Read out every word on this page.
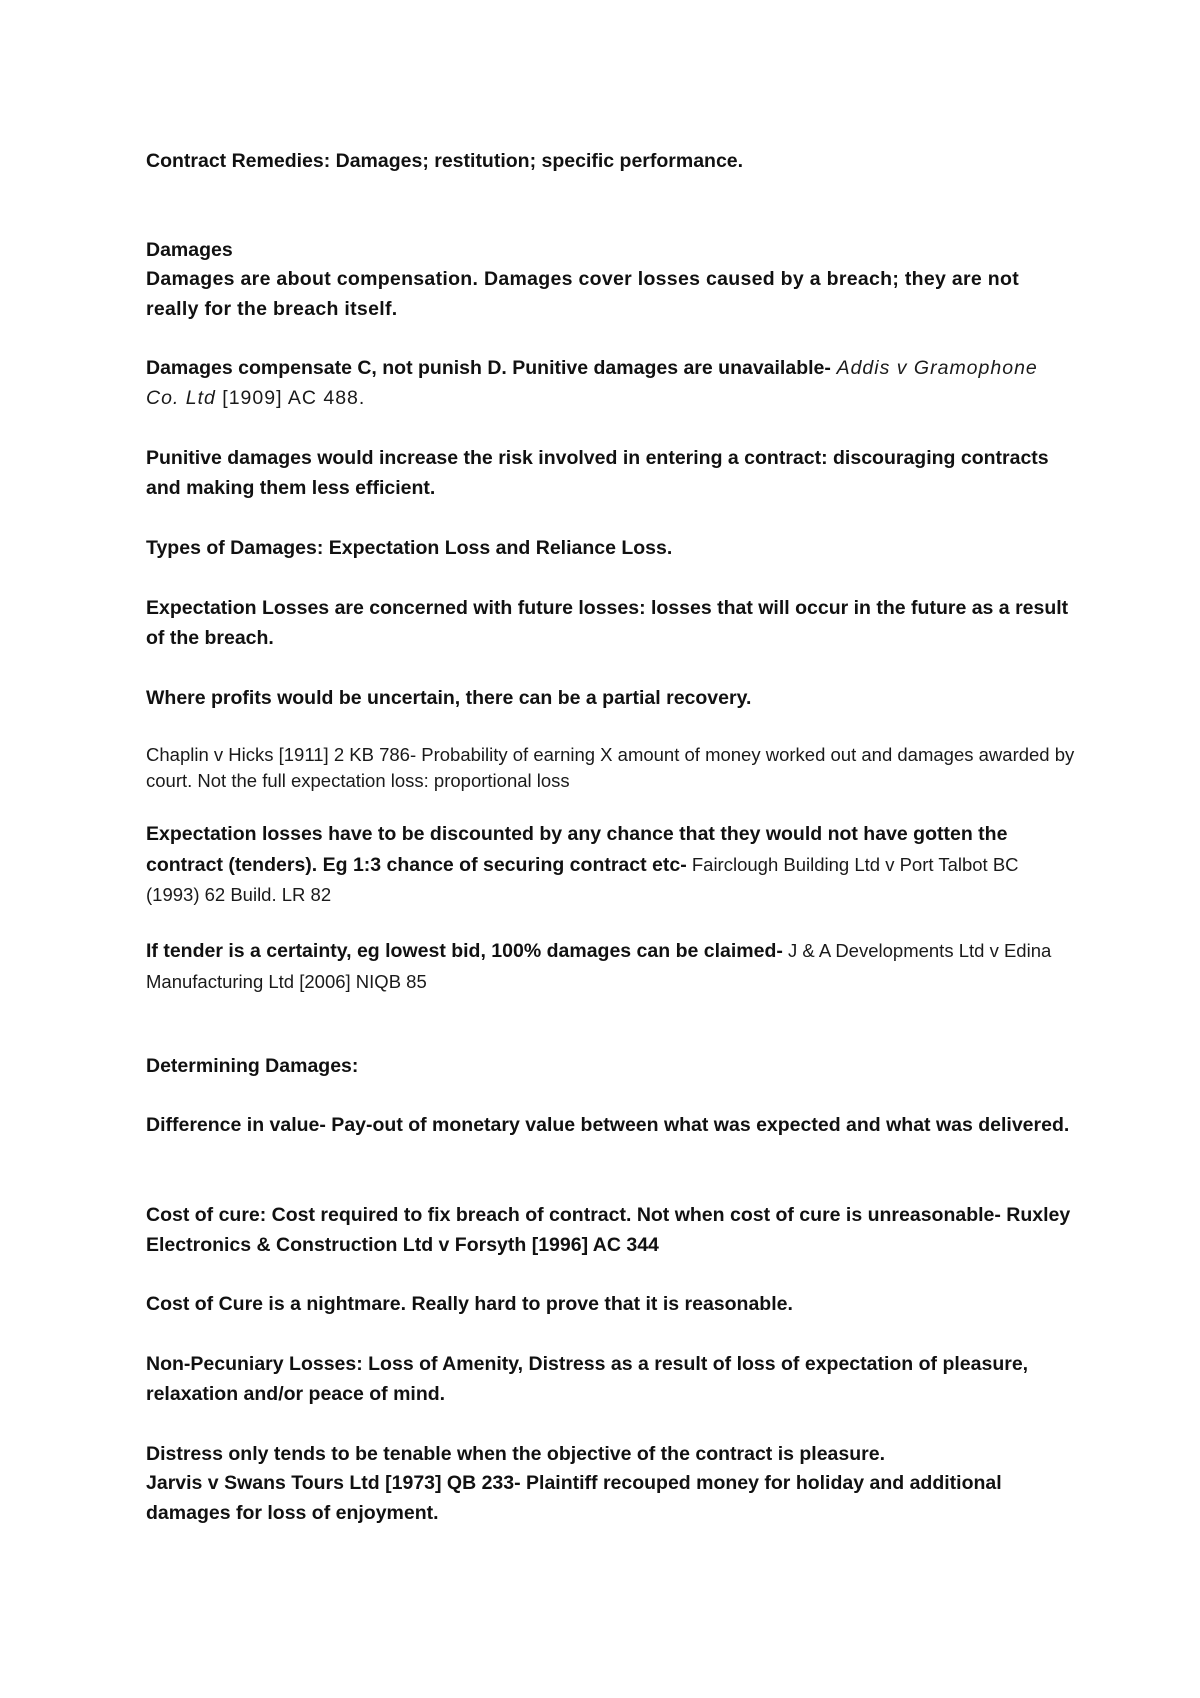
Contract Remedies: Damages; restitution; specific performance.
Damages
Damages are about compensation. Damages cover losses caused by a breach; they are not really for the breach itself.
Damages compensate C, not punish D. Punitive damages are unavailable- Addis v Gramophone Co. Ltd [1909] AC 488.
Punitive damages would increase the risk involved in entering a contract: discouraging contracts and making them less efficient.
Types of Damages: Expectation Loss and Reliance Loss.
Expectation Losses are concerned with future losses: losses that will occur in the future as a result of the breach.
Where profits would be uncertain, there can be a partial recovery.
Chaplin v Hicks [1911] 2 KB 786- Probability of earning X amount of money worked out and damages awarded by court. Not the full expectation loss: proportional loss
Expectation losses have to be discounted by any chance that they would not have gotten the contract (tenders). Eg 1:3 chance of securing contract etc- Fairclough Building Ltd v Port Talbot BC (1993) 62 Build. LR 82
If tender is a certainty, eg lowest bid, 100% damages can be claimed- J & A Developments Ltd v Edina Manufacturing Ltd [2006] NIQB 85
Determining Damages:
Difference in value- Pay-out of monetary value between what was expected and what was delivered.
Cost of cure: Cost required to fix breach of contract. Not when cost of cure is unreasonable- Ruxley Electronics & Construction Ltd v Forsyth [1996] AC 344
Cost of Cure is a nightmare. Really hard to prove that it is reasonable.
Non-Pecuniary Losses: Loss of Amenity, Distress as a result of loss of expectation of pleasure, relaxation and/or peace of mind.
Distress only tends to be tenable when the objective of the contract is pleasure.
Jarvis v Swans Tours Ltd [1973] QB 233- Plaintiff recouped money for holiday and additional damages for loss of enjoyment.
